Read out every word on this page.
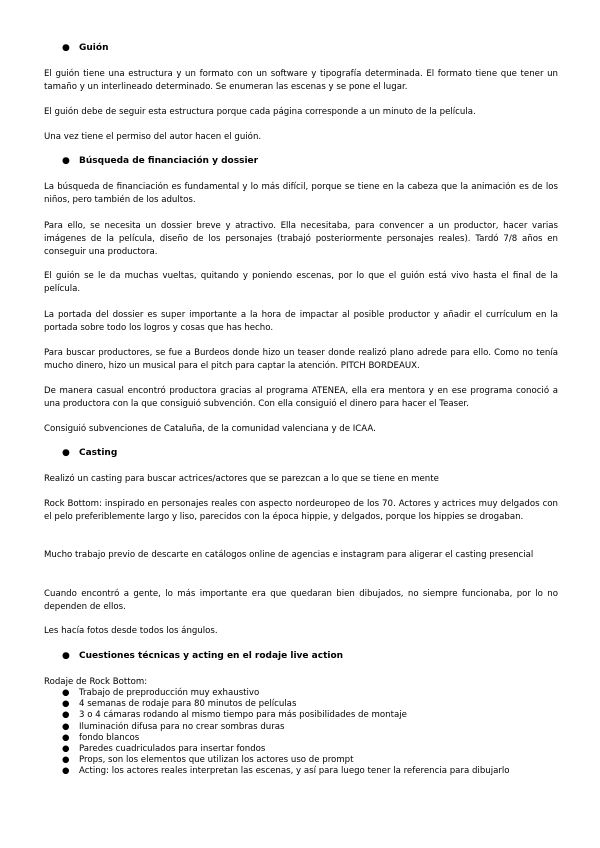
● Guión

El guión tiene una estructura y un formato con un software y tipografía determinada. El formato tiene que tener un tamaño y un interlineado determinado. Se enumeran las escenas y se pone el lugar.

El guión debe de seguir esta estructura porque cada página corresponde a un minuto de la película.

Una vez tiene el permiso del autor hacen el guión.

● Búsqueda de financiación y dossier

La búsqueda de financiación es fundamental y lo más difícil, porque se tiene en la cabeza que la animación es de los niños, pero también de los adultos.

Para ello, se necesita un dossier breve y atractivo. Ella necesitaba, para convencer a un productor, hacer varias imágenes de la película, diseño de los personajes (trabajó posteriormente personajes reales). Tardó 7/8 años en conseguir una productora.

El guión se le da muchas vueltas, quitando y poniendo escenas, por lo que el guión está vivo hasta el final de la película.

La portada del dossier es super importante a la hora de impactar al posible productor y añadir el currículum en la portada sobre todo los logros y cosas que has hecho.

Para buscar productores, se fue a Burdeos donde hizo un teaser donde realizó plano adrede para ello. Como no tenía mucho dinero, hizo un musical para el pitch para captar la atención. PITCH BORDEAUX.

De manera casual encontró productora gracias al programa ATENEA, ella era mentora y en ese programa conoció a una productora con la que consiguió subvención. Con ella consiguió el dinero para hacer el Teaser.

Consiguió subvenciones de Cataluña, de la comunidad valenciana y de ICAA.

● Casting

Realizó un casting para buscar actrices/actores que se parezcan a lo que se tiene en mente

Rock Bottom: inspirado en personajes reales con aspecto nordeuropeo de los 70. Actores y actrices muy delgados con el pelo preferiblemente largo y liso, parecidos con la época hippie, y delgados, porque los hippies se drogaban.

Mucho trabajo previo de descarte en catálogos online de agencias e instagram para aligerar el casting presencial

Cuando encontró a gente, lo más importante era que quedaran bien dibujados, no siempre funcionaba, por lo no dependen de ellos.

Les hacía fotos desde todos los ángulos.

● Cuestiones técnicas y acting en el rodaje live action

Rodaje de Rock Bottom:

● Trabajo de preproducción muy exhaustivo
● 4 semanas de rodaje para 80 minutos de películas
● 3 o 4 cámaras rodando al mismo tiempo para más posibilidades de montaje
● Iluminación difusa para no crear sombras duras
● fondo blancos
● Paredes cuadriculados para insertar fondos
● Props, son los elementos que utilizan los actores uso de prompt
● Acting: los actores reales interpretan las escenas, y así para luego tener la referencia para dibujarlo
